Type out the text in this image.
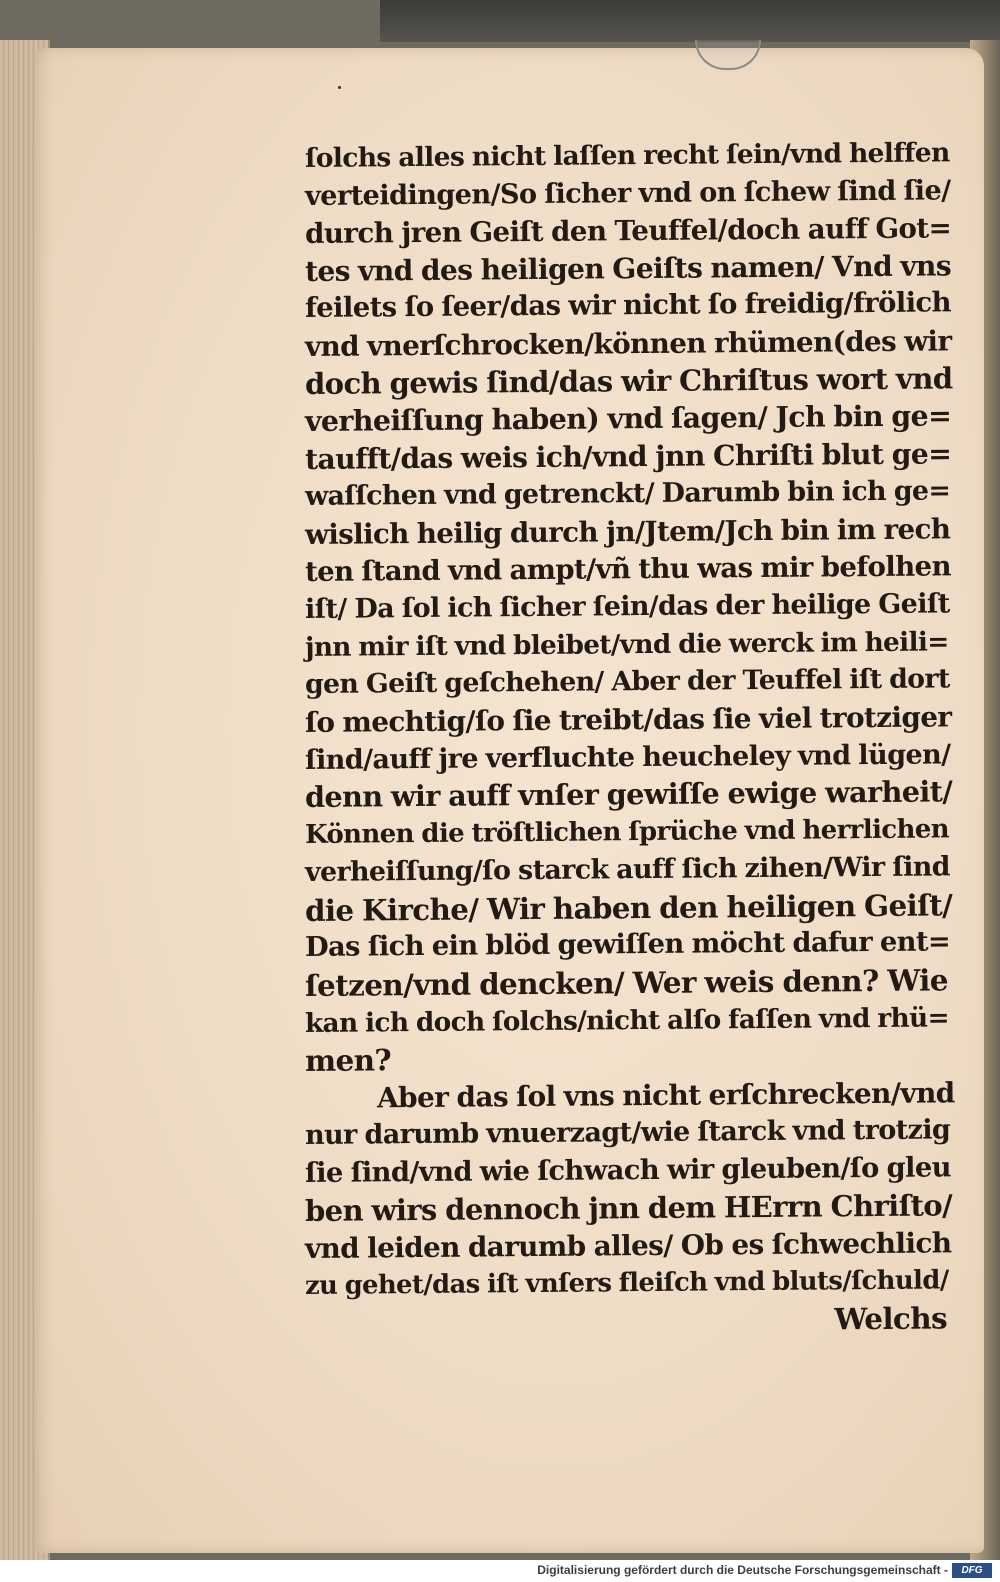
ſolchs alles nicht laſſen recht ſein/vnd helffen
verteidingen/So ſicher vnd on ſchew ſind ſie/
durch jren Geiſt den Teuffel/doch auff Got=
tes vnd des heiligen Geiſts namen/ Vnd vns
feilets ſo ſeer/das wir nicht ſo freidig/frölich
vnd vnerſchrocken/können rhümen(des wir
doch gewis ſind/das wir Chriſtus wort vnd
verheiſſung haben) vnd ſagen/ Jch bin ge=
taufft/das weis ich/vnd jnn Chriſti blut ge=
waſſchen vnd getrenckt/ Darumb bin ich ge=
wislich heilig durch jn/Jtem/Jch bin im rech
ten ſtand vnd ampt/vñ thu was mir befolhen
iſt/ Da ſol ich ſicher ſein/das der heilige Geiſt
jnn mir iſt vnd bleibet/vnd die werck im heili=
gen Geiſt geſchehen/ Aber der Teuffel iſt dort
ſo mechtig/ſo ſie treibt/das ſie viel trotziger
ſind/auff jre verfluchte heucheley vnd lügen/
denn wir auff vnſer gewiſſe ewige warheit/
Können die tröſtlichen ſprüche vnd herrlichen
verheiſſung/ſo starck auff ſich zihen/Wir ſind
die Kirche/ Wir haben den heiligen Geiſt/
Das ſich ein blöd gewiſſen möcht dafur ent=
ſetzen/vnd dencken/ Wer weis denn? Wie
kan ich doch ſolchs/nicht alſo faſſen vnd rhü=
men?
Aber das ſol vns nicht erſchrecken/vnd
nur darumb vnuerzagt/wie ſtarck vnd trotzig
ſie ſind/vnd wie ſchwach wir gleuben/ſo gleu
ben wirs dennoch jnn dem HErrn Chriſto/
vnd leiden darumb alles/ Ob es ſchwechlich
zu gehet/das iſt vnſers fleiſch vnd bluts/ſchuld/
Welchs
Digitalisierung gefördert durch die Deutsche Forschungsgemeinschaft -	DFG
